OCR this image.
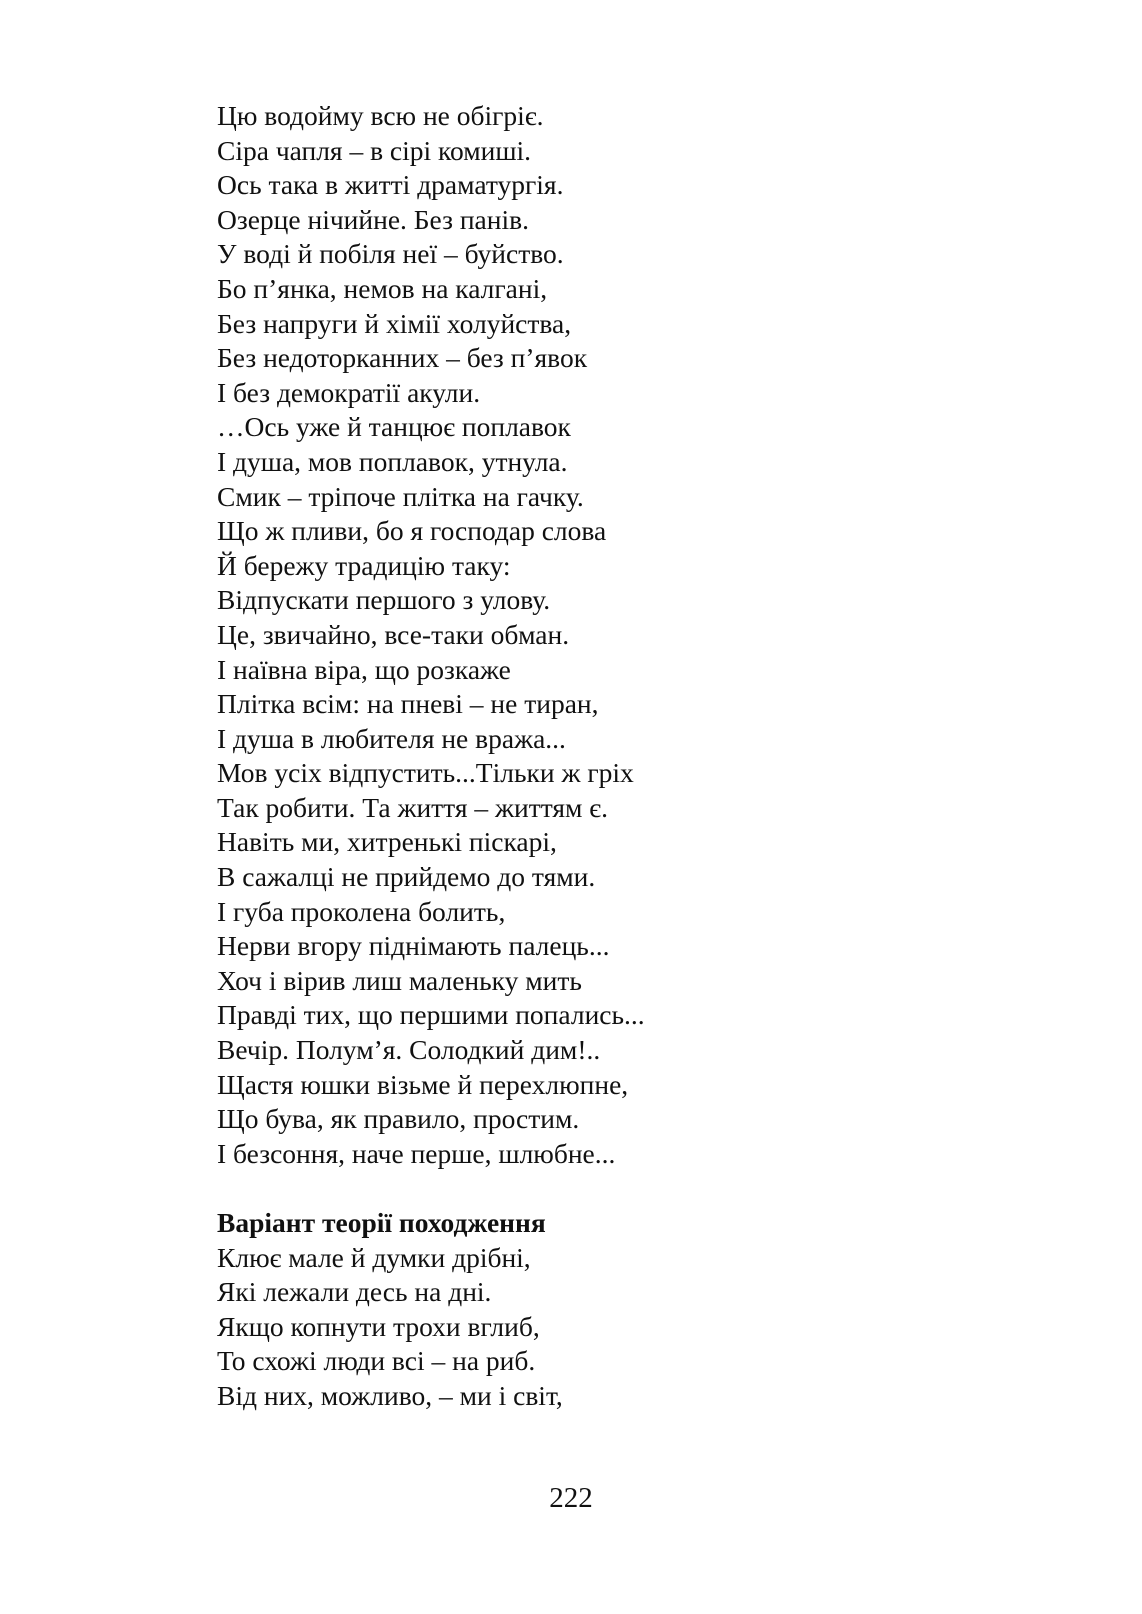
Цю водойму всю не обігріє.
Сіра чапля – в сірі комиші.
Ось така в житті драматургія.
Озерце нічийне. Без панів.
У воді й побіля неї – буйство.
Бо п’янка, немов на калгані,
Без напруги й хімії холуйства,
Без недоторканних – без п’явок
І без демократії акули.
…Ось уже й танцює поплавок
І душа, мов поплавок, утнула.
Смик – тріпоче плітка на гачку.
Що ж пливи, бо я господар слова
Й бережу традицію таку:
Відпускати першого з улову.
Це, звичайно, все-таки обман.
І наївна віра, що розкаже
Плітка всім: на пневі – не тиран,
І душа в любителя не вража...
Мов усіх відпустить...Тільки ж гріх
Так робити. Та життя – життям є.
Навіть ми, хитренькі піскарі,
В сажалці не прийдемо до тями.
І губа проколена болить,
Нерви вгору піднімають палець...
Хоч і вірив лиш маленьку мить
Правді тих, що першими попались...
Вечір. Полум’я. Солодкий дим!..
Щастя юшки візьме й перехлюпне,
Що бува, як правило, простим.
І безсоння, наче перше, шлюбне...
Варіант теорії походження
Клює мале й думки дрібні,
Які лежали десь на дні.
Якщо копнути трохи вглиб,
То схожі люди всі – на риб.
Від них, можливо, – ми і світ,
222
